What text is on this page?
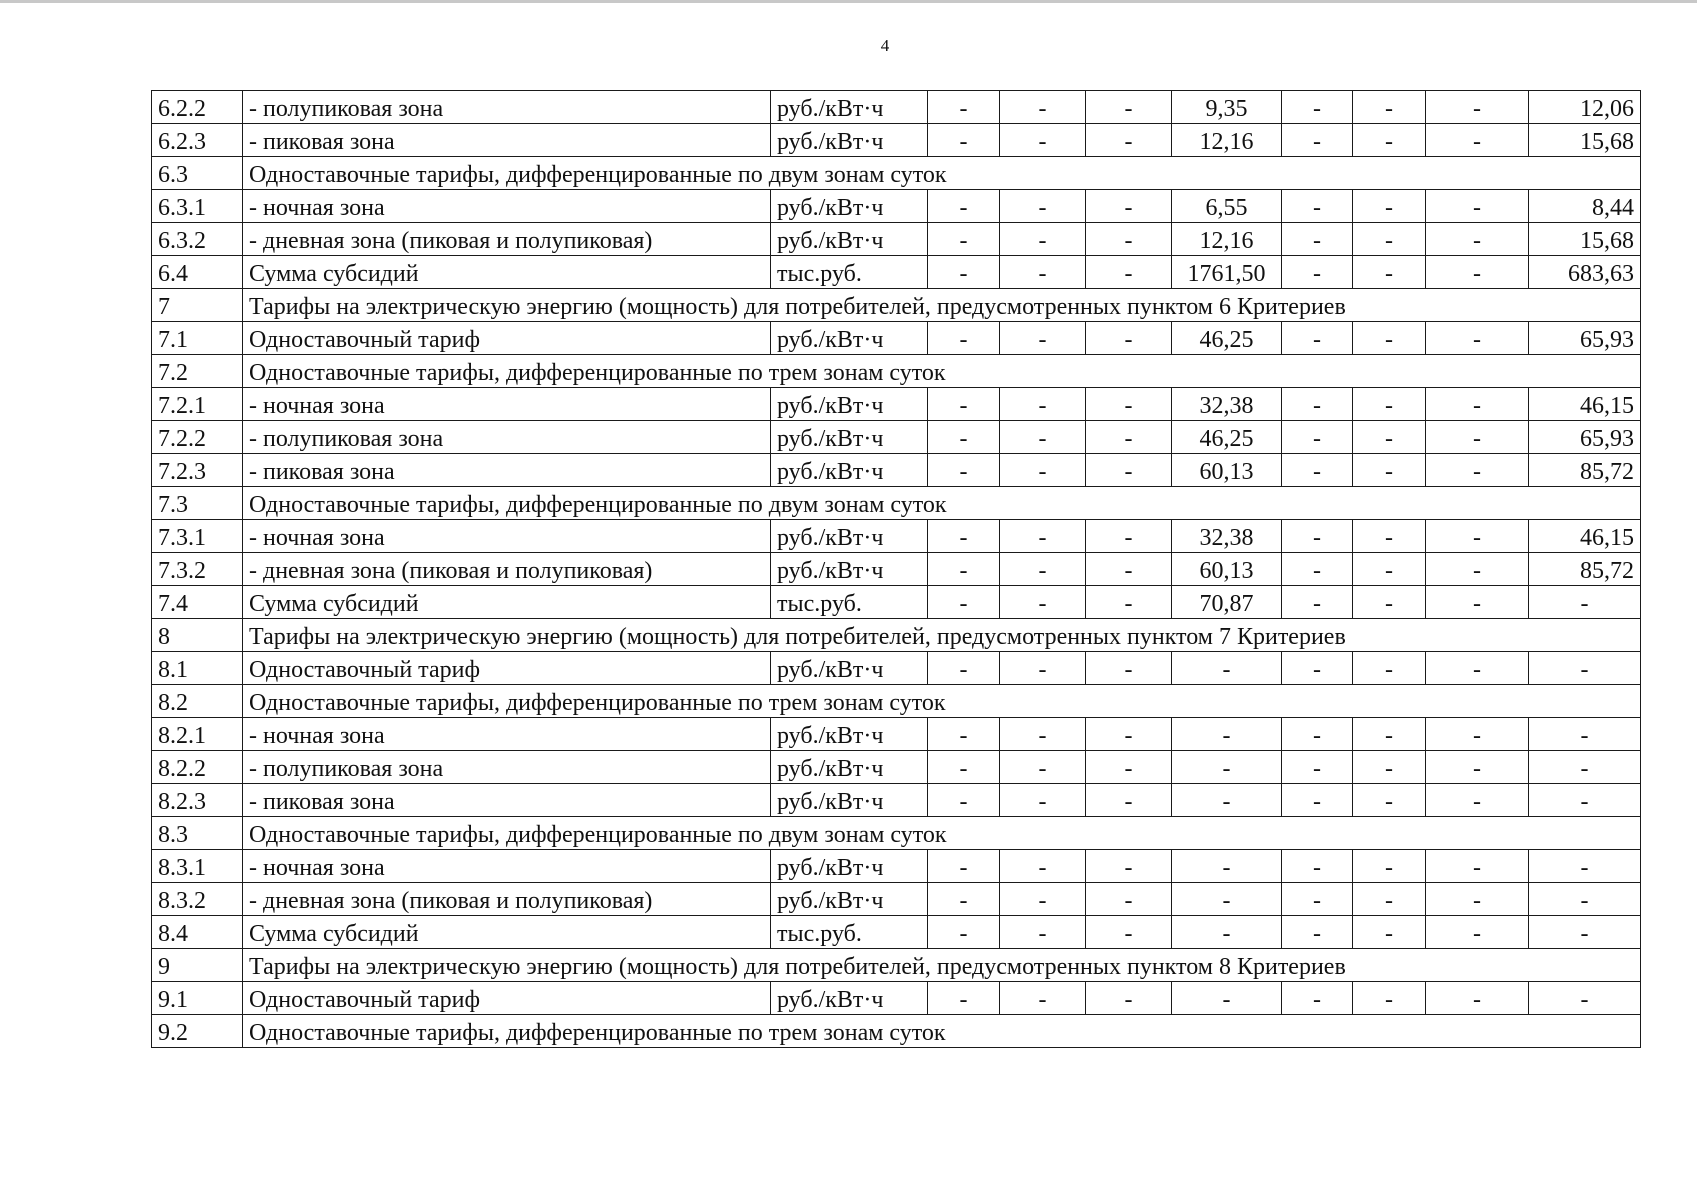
4
6.2.2	- полупиковая зона	руб./кВт·ч	-	-	-	9,35	-	-	-	12,06
6.2.3	- пиковая зона	руб./кВт·ч	-	-	-	12,16	-	-	-	15,68
6.3	Одноставочные тарифы, дифференцированные по двум зонам суток									
6.3.1	- ночная зона	руб./кВт·ч	-	-	-	6,55	-	-	-	8,44
6.3.2	- дневная зона (пиковая и полупиковая)	руб./кВт·ч	-	-	-	12,16	-	-	-	15,68
6.4	Сумма субсидий	тыс.руб.	-	-	-	1761,50	-	-	-	683,63
7	Тарифы на электрическую энергию (мощность) для потребителей, предусмотренных пунктом 6 Критериев									
7.1	Одноставочный тариф	руб./кВт·ч	-	-	-	46,25	-	-	-	65,93
7.2	Одноставочные тарифы, дифференцированные по трем зонам суток									
7.2.1	- ночная зона	руб./кВт·ч	-	-	-	32,38	-	-	-	46,15
7.2.2	- полупиковая зона	руб./кВт·ч	-	-	-	46,25	-	-	-	65,93
7.2.3	- пиковая зона	руб./кВт·ч	-	-	-	60,13	-	-	-	85,72
7.3	Одноставочные тарифы, дифференцированные по двум зонам суток									
7.3.1	- ночная зона	руб./кВт·ч	-	-	-	32,38	-	-	-	46,15
7.3.2	- дневная зона (пиковая и полупиковая)	руб./кВт·ч	-	-	-	60,13	-	-	-	85,72
7.4	Сумма субсидий	тыс.руб.	-	-	-	70,87	-	-	-	-
8	Тарифы на электрическую энергию (мощность) для потребителей, предусмотренных пунктом 7 Критериев									
8.1	Одноставочный тариф	руб./кВт·ч	-	-	-	-	-	-	-	-
8.2	Одноставочные тарифы, дифференцированные по трем зонам суток									
8.2.1	- ночная зона	руб./кВт·ч	-	-	-	-	-	-	-	-
8.2.2	- полупиковая зона	руб./кВт·ч	-	-	-	-	-	-	-	-
8.2.3	- пиковая зона	руб./кВт·ч	-	-	-	-	-	-	-	-
8.3	Одноставочные тарифы, дифференцированные по двум зонам суток									
8.3.1	- ночная зона	руб./кВт·ч	-	-	-	-	-	-	-	-
8.3.2	- дневная зона (пиковая и полупиковая)	руб./кВт·ч	-	-	-	-	-	-	-	-
8.4	Сумма субсидий	тыс.руб.	-	-	-	-	-	-	-	-
9	Тарифы на электрическую энергию (мощность) для потребителей, предусмотренных пунктом 8 Критериев									
9.1	Одноставочный тариф	руб./кВт·ч	-	-	-	-	-	-	-	-
9.2	Одноставочные тарифы, дифференцированные по трем зонам суток									
